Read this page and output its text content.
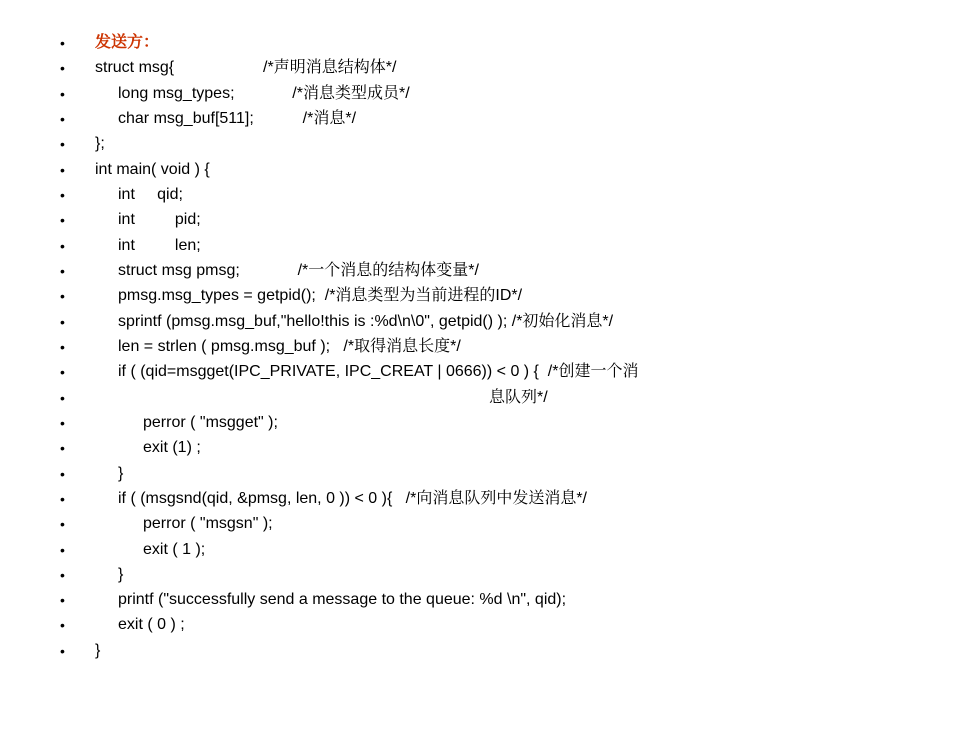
•

发送方：

•

struct msg{                    /*声明消息结构体*/

•

	long msg_types;             /*消息类型成员*/

•

	char msg_buf[511];           /*消息*/

•

};

•

int main( void ) {

•

	int     qid;

•

	int         pid;

•

	int         len;

•

	struct msg pmsg;             /*一个消息的结构体变量*/

•

	pmsg.msg_types = getpid();  /*消息类型为当前进程的ID*/

•

	sprintf (pmsg.msg_buf,"hello!this is :%d\n\0", getpid() ); /*初始化消息*/

•

	len = strlen ( pmsg.msg_buf );   /*取得消息长度*/

•

	if ( (qid=msgget(IPC_PRIVATE, IPC_CREAT | 0666)) < 0 ) {  /*创建一个消

•

	息队列*/

•

	perror ( "msgget" );

•

	exit (1) ;

•

	}

•

	if ( (msgsnd(qid, &pmsg, len, 0 )) < 0 ){   /*向消息队列中发送消息*/

•

	perror ( "msgsn" );

•

	exit ( 1 );

•

	}

•

	printf ("successfully send a message to the queue: %d \n", qid);

•

	exit ( 0 ) ;

•

}
